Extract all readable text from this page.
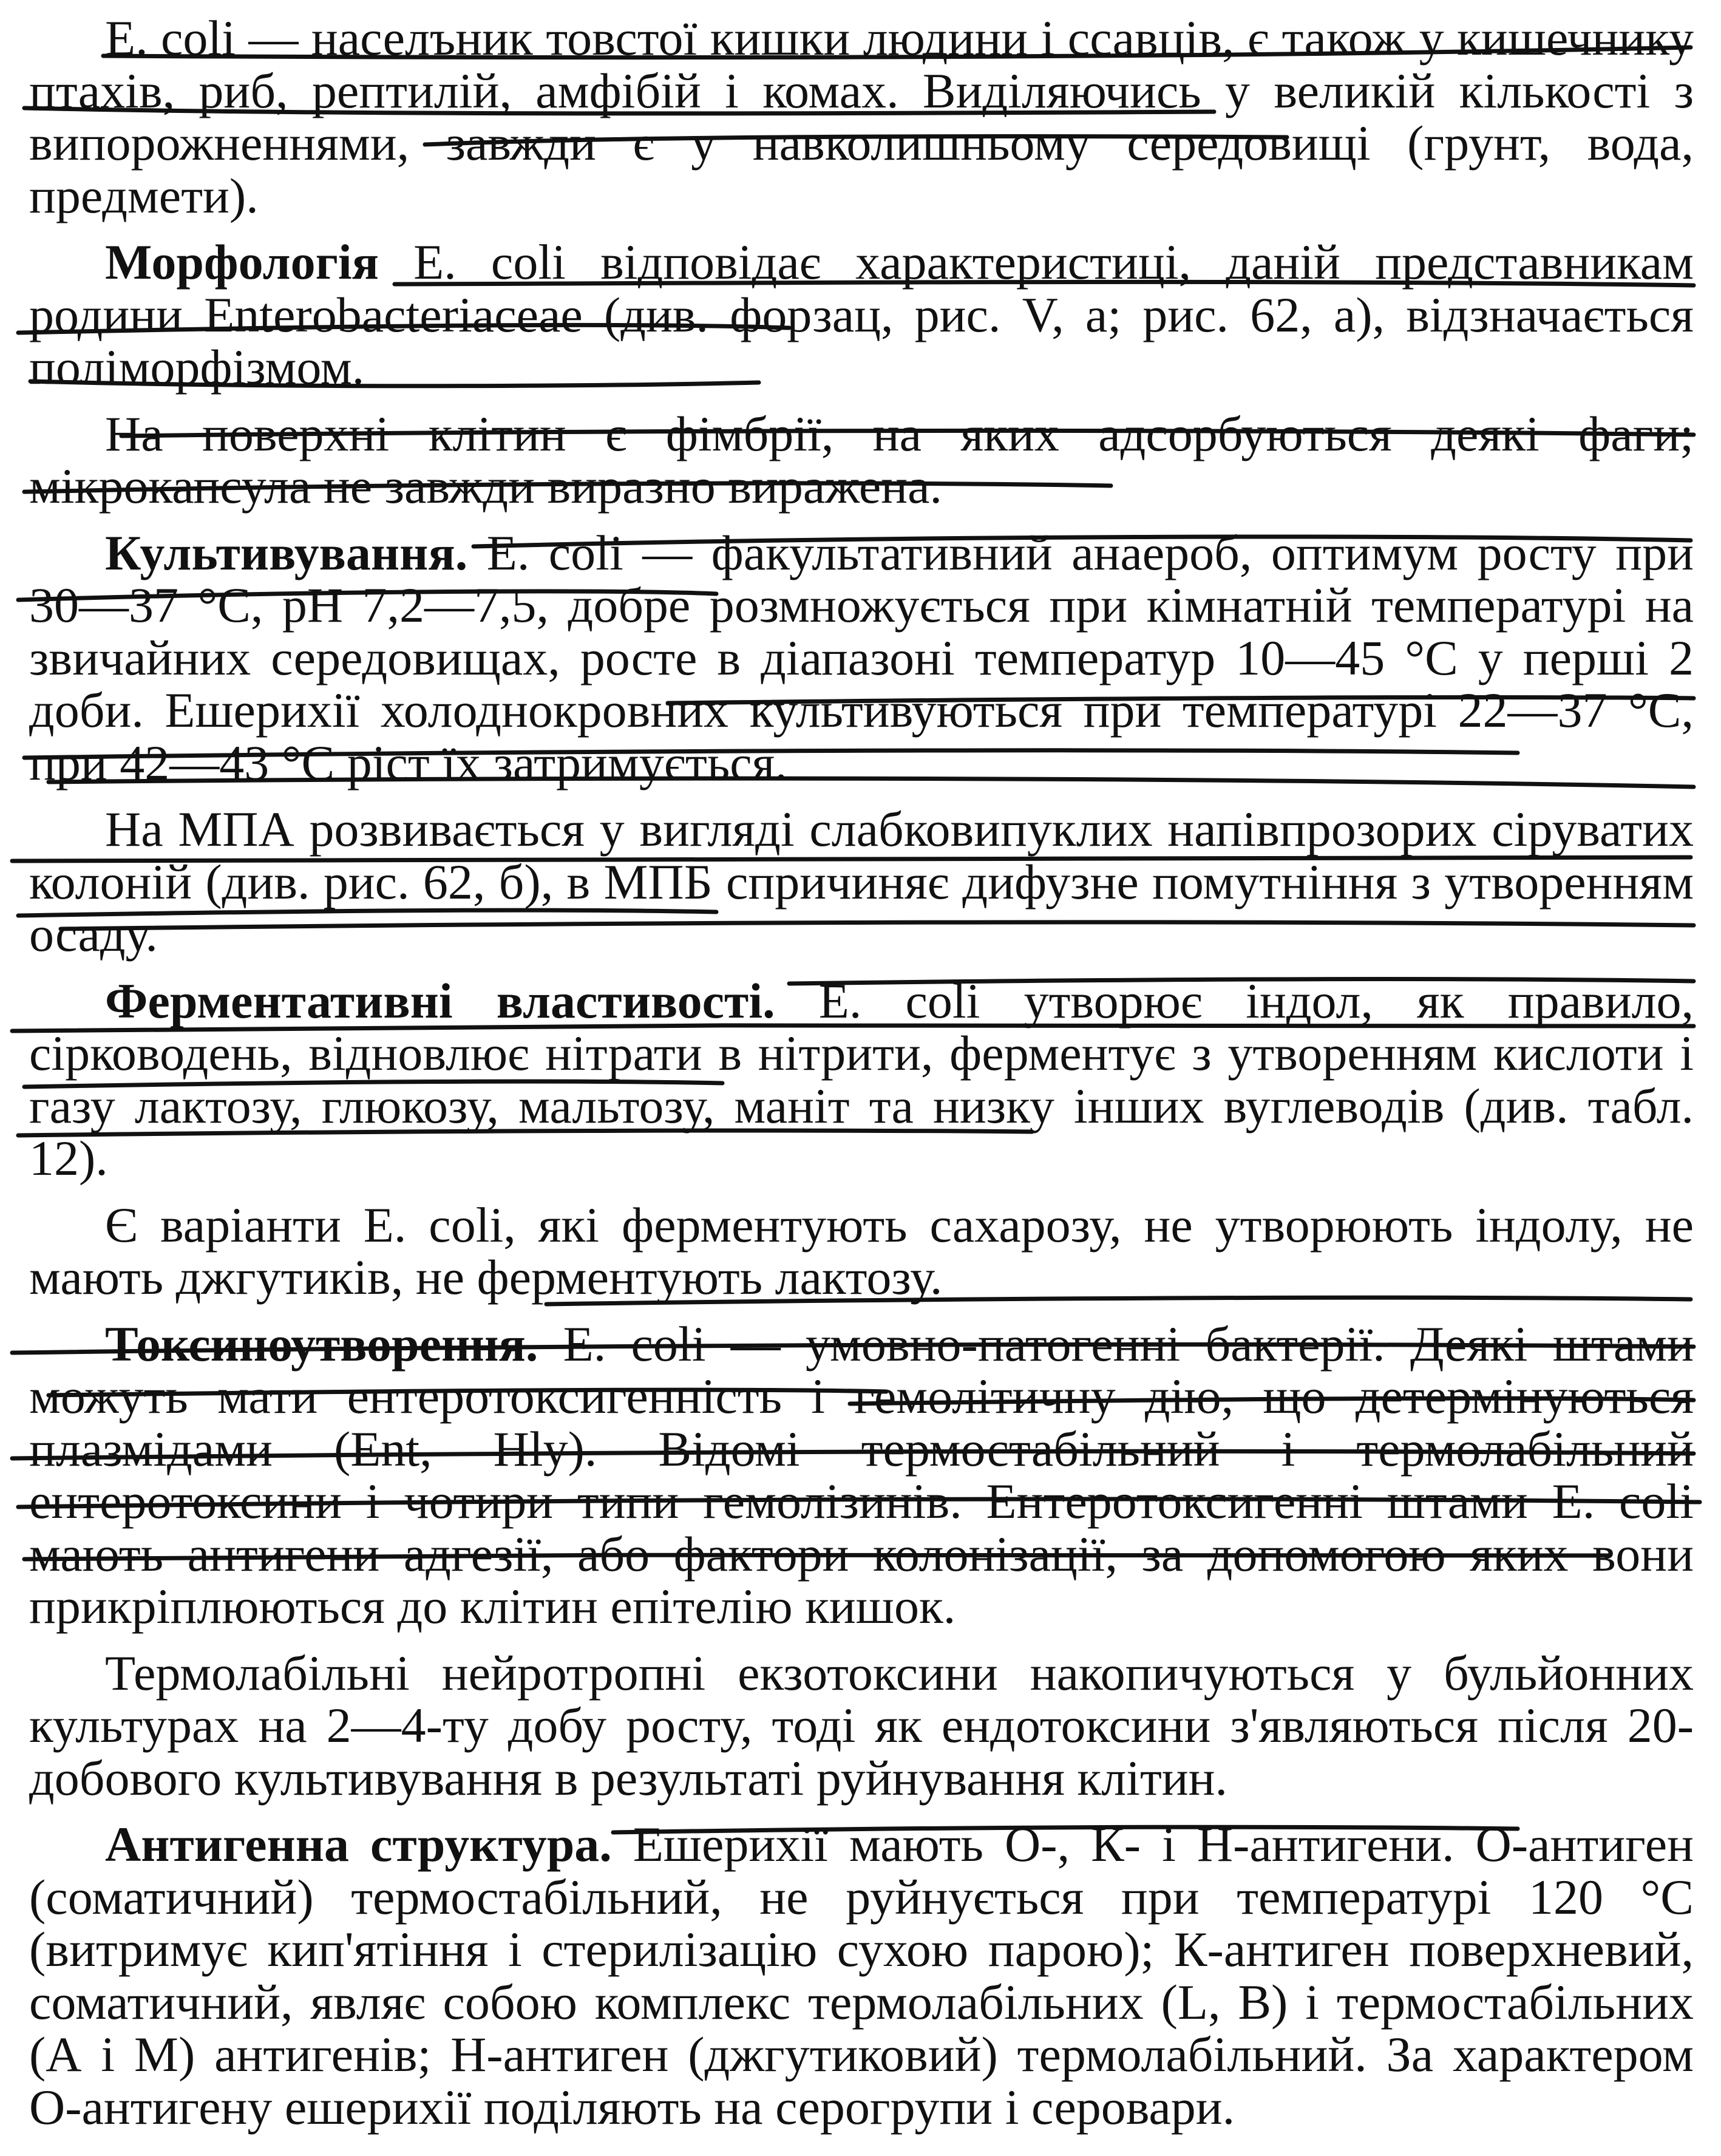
E. coli — населъник товстої кишки людини і ссавців, є також у кишечнику птахів, риб, рептилій, амфібій і комах. Виділяючись у великій кількості з випорожненнями, завжди є у навколишньому середовищі (грунт, вода, предмети).

Морфологія E. coli відповідає характеристиці, даній представникам родини Enterobacteriaceae (див. форзац, рис. V, а; рис. 62, а), відзначається поліморфізмом.

На поверхні клітин є фімбрії, на яких адсорбуються деякі фаги; мікрокапсула не завжди виразно виражена.

Культивування. E. coli — факультативний анаероб, оптимум росту при 30—37 °C, pH 7,2—7,5, добре розмножується при кімнатній температурі на звичайних середовищах, росте в діапазоні температур 10—45 °C у перші 2 доби. Ешерихії холоднокровних культивуються при температурі 22—37 °C, при 42—43 °C ріст їх затримується.

На МПА розвивається у вигляді слабковипуклих напівпрозорих сіруватих колоній (див. рис. 62, б), в МПБ спричиняє дифузне помутніння з утворенням осаду.

Ферментативні властивості. E. coli утворює індол, як правило, сірководень, відновлює нітрати в нітрити, ферментує з утворенням кислоти і газу лактозу, глюкозу, мальтозу, маніт та низку інших вуглеводів (див. табл. 12).

Є варіанти E. coli, які ферментують сахарозу, не утворюють індолу, не мають джгутиків, не ферментують лактозу.

Токсиноутворення. E. coli — умовно-патогенні бактерії. Деякі штами можуть мати ентеротоксигенність і гемолітичну дію, що детермінуються плазмідами (Ent, Hly). Відомі термостабільний і термолабільний ентеротоксини і чотири типи гемолізинів. Ентеротоксигенні штами E. coli мають антигени адгезії, або фактори колонізації, за допомогою яких вони прикріплюються до клітин епітелію кишок.

Термолабільні нейротропні екзотоксини накопичуються у бульйонних культурах на 2—4-ту добу росту, тоді як ендотоксини з'являються після 20-добового культивування в результаті руйнування клітин.

Антигенна структура. Ешерихії мають О-, К- і Н-антигени. О-антиген (соматичний) термостабільний, не руйнується при температурі 120 °C (витримує кип'ятіння і стерилізацію сухою парою); К-антиген поверхневий, соматичний, являє собою комплекс термолабільних (L, B) і термостабільних (А і М) антигенів; Н-антиген (джгутиковий) термолабільний. За характером О-антигену ешерихії поділяють на серогрупи і серовари.
